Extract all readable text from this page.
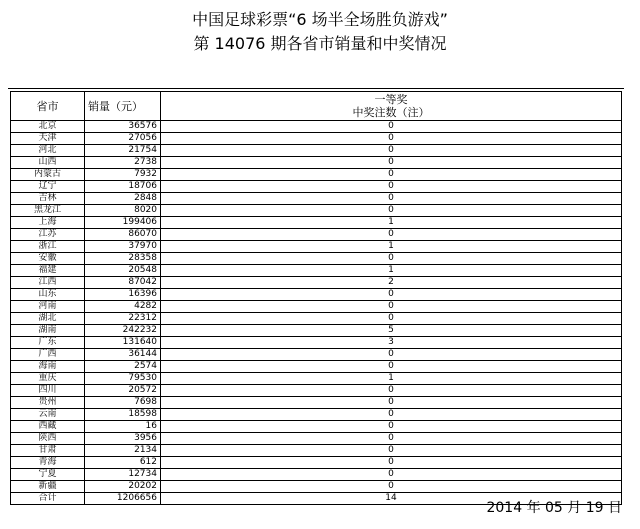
中国足球彩票“6 场半全场胜负游戏”
第 14076 期各省市销量和中奖情况
省市	销量（元）	一等奖
中奖注数（注）

北京	36576	0
天津	27056	0
河北	21754	0
山西	2738	0
内蒙古	7932	0
辽宁	18706	0
吉林	2848	0
黑龙江	8020	0
上海	199406	1
江苏	86070	0
浙江	37970	1
安徽	28358	0
福建	20548	1
江西	87042	2
山东	16396	0
河南	4282	0
湖北	22312	0
湖南	242232	5
广东	131640	3
广西	36144	0
海南	2574	0
重庆	79530	1
四川	20572	0
贵州	7698	0
云南	18598	0
西藏	16	0
陕西	3956	0
甘肃	2134	0
青海	612	0
宁夏	12734	0
新疆	20202	0
合计	1206656	14
2014 年 05 月 19 日
